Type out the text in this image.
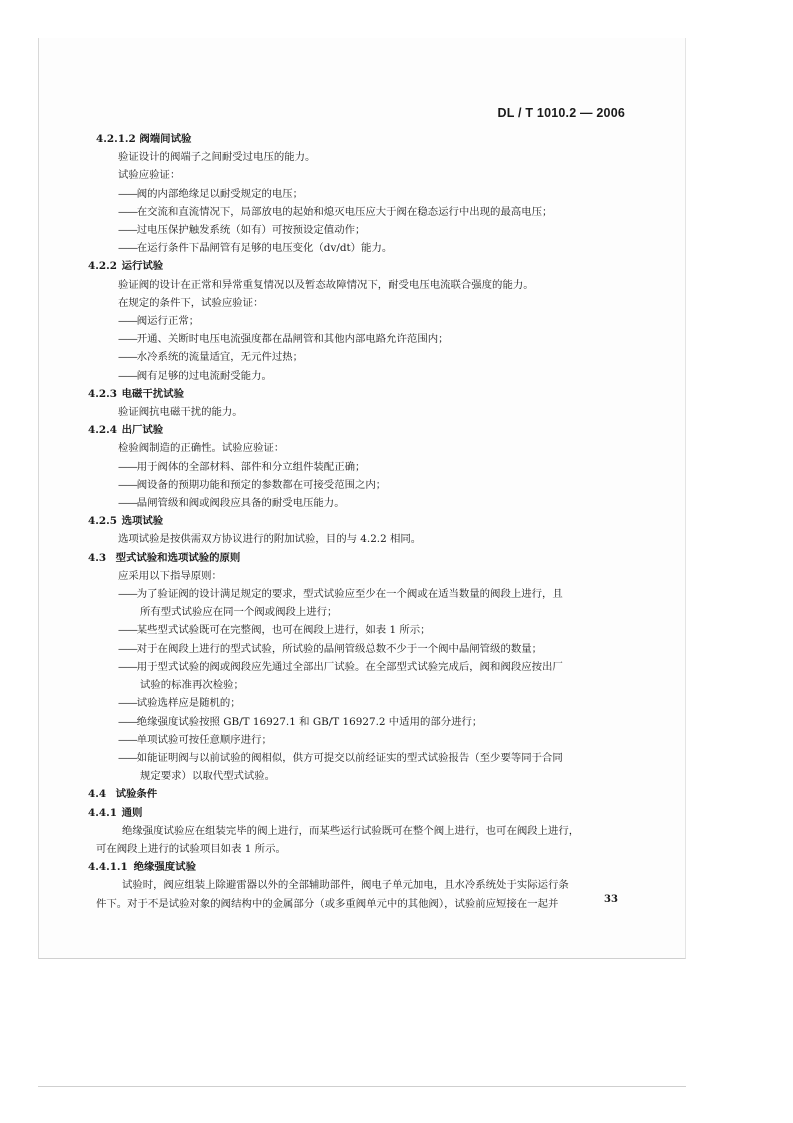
DL / T 1010.2 — 2006

4.2.1.2 阀端间试验

验证设计的阀端子之间耐受过电压的能力。

试验应验证：

——阀的内部绝缘足以耐受规定的电压；

——在交流和直流情况下，局部放电的起始和熄灭电压应大于阀在稳态运行中出现的最高电压；

——过电压保护触发系统（如有）可按预设定值动作；

——在运行条件下晶闸管有足够的电压变化（dv/dt）能力。

4.2.2 运行试验

验证阀的设计在正常和异常重复情况以及暂态故障情况下，耐受电压电流联合强度的能力。

在规定的条件下，试验应验证：

——阀运行正常；

——开通、关断时电压电流强度都在晶闸管和其他内部电路允许范围内；

——水冷系统的流量适宜，无元件过热；

——阀有足够的过电流耐受能力。

4.2.3 电磁干扰试验

验证阀抗电磁干扰的能力。

4.2.4 出厂试验

检验阀制造的正确性。试验应验证：

——用于阀体的全部材料、部件和分立组件装配正确；

——阀设备的预期功能和预定的参数都在可接受范围之内；

——晶闸管级和阀或阀段应具备的耐受电压能力。

4.2.5 选项试验

选项试验是按供需双方协议进行的附加试验，目的与 4.2.2 相同。

4.3 型式试验和选项试验的原则

应采用以下指导原则：

——为了验证阀的设计满足规定的要求，型式试验应至少在一个阀或在适当数量的阀段上进行，且

所有型式试验应在同一个阀或阀段上进行；

——某些型式试验既可在完整阀，也可在阀段上进行，如表 1 所示；

——对于在阀段上进行的型式试验，所试验的晶闸管级总数不少于一个阀中晶闸管级的数量；

——用于型式试验的阀或阀段应先通过全部出厂试验。在全部型式试验完成后，阀和阀段应按出厂

试验的标准再次检验；

——试验选样应是随机的；

——绝缘强度试验按照 GB/T 16927.1 和 GB/T 16927.2 中适用的部分进行；

——单项试验可按任意顺序进行；

——如能证明阀与以前试验的阀相似，供方可提交以前经证实的型式试验报告（至少要等同于合同

规定要求）以取代型式试验。

4.4 试验条件

4.4.1 通则

绝缘强度试验应在组装完毕的阀上进行，而某些运行试验既可在整个阀上进行，也可在阀段上进行，

可在阀段上进行的试验项目如表 1 所示。

4.4.1.1 绝缘强度试验

试验时，阀应组装上除避雷器以外的全部辅助部件，阀电子单元加电，且水冷系统处于实际运行条

件下。对于不是试验对象的阀结构中的金属部分（或多重阀单元中的其他阀），试验前应短接在一起并	33
